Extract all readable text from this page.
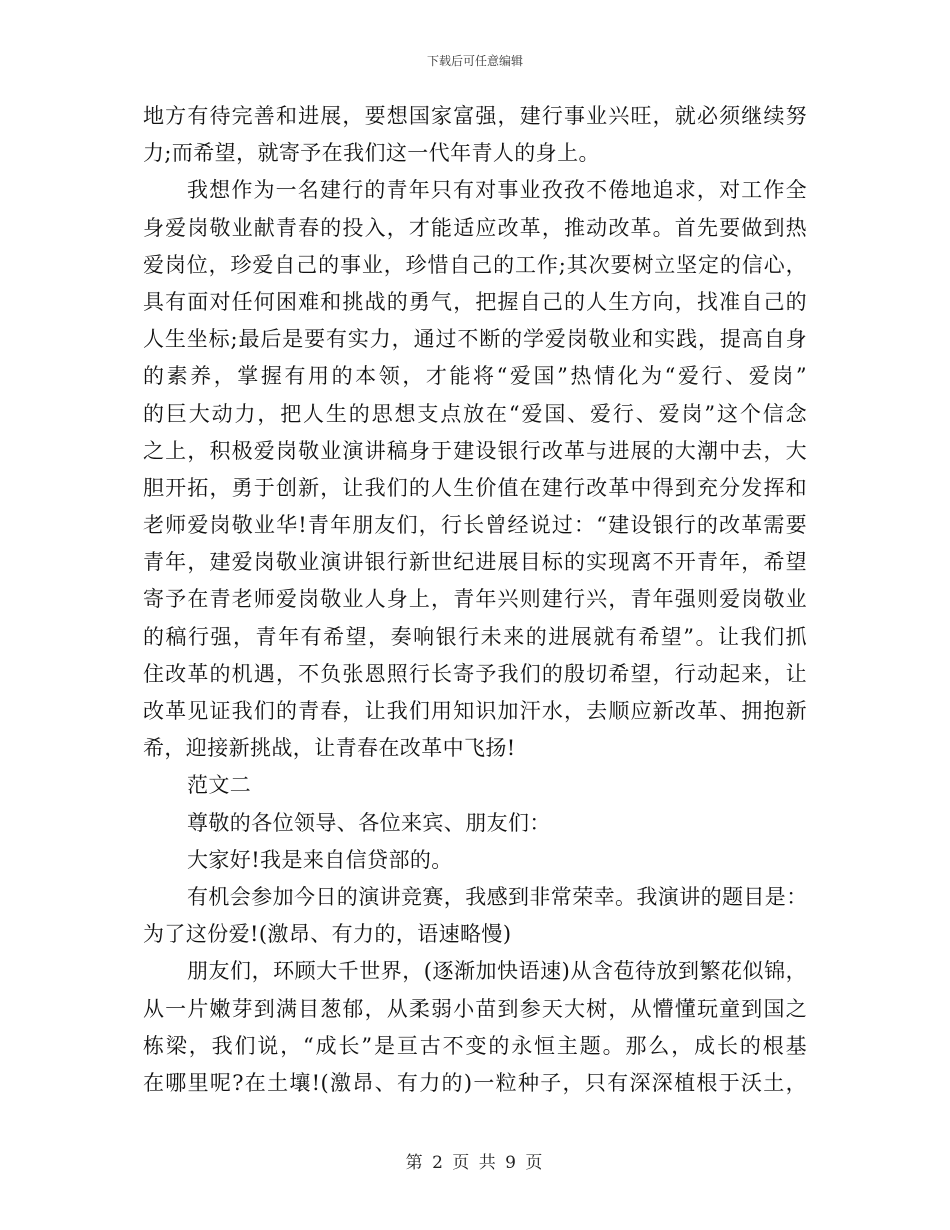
下载后可任意编辑
地方有待完善和进展，要想国家富强，建行事业兴旺，就必须继续努
力;而希望，就寄予在我们这一代年青人的身上。
我想作为一名建行的青年只有对事业孜孜不倦地追求，对工作全
身爱岗敬业献青春的投入，才能适应改革，推动改革。首先要做到热
爱岗位，珍爱自己的事业，珍惜自己的工作;其次要树立坚定的信心，
具有面对任何困难和挑战的勇气，把握自己的人生方向，找准自己的
人生坐标;最后是要有实力，通过不断的学爱岗敬业和实践，提高自身
的素养，掌握有用的本领，才能将“爱国”热情化为“爱行、爱岗”
的巨大动力，把人生的思想支点放在“爱国、爱行、爱岗”这个信念
之上，积极爱岗敬业演讲稿身于建设银行改革与进展的大潮中去，大
胆开拓，勇于创新，让我们的人生价值在建行改革中得到充分发挥和
老师爱岗敬业华!青年朋友们，行长曾经说过：“建设银行的改革需要
青年，建爱岗敬业演讲银行新世纪进展目标的实现离不开青年，希望
寄予在青老师爱岗敬业人身上，青年兴则建行兴，青年强则爱岗敬业
的稿行强，青年有希望，奏响银行未来的进展就有希望”。让我们抓
住改革的机遇，不负张恩照行长寄予我们的殷切希望，行动起来，让
改革见证我们的青春，让我们用知识加汗水，去顺应新改革、拥抱新
希，迎接新挑战，让青春在改革中飞扬!
范文二
尊敬的各位领导、各位来宾、朋友们：
大家好!我是来自信贷部的。
有机会参加今日的演讲竞赛，我感到非常荣幸。我演讲的题目是：
为了这份爱!(激昂、有力的，语速略慢)
朋友们，环顾大千世界，(逐渐加快语速)从含苞待放到繁花似锦，
从一片嫩芽到满目葱郁，从柔弱小苗到参天大树，从懵懂玩童到国之
栋梁，我们说，“成长”是亘古不变的永恒主题。那么，成长的根基
在哪里呢?在土壤!(激昂、有力的)一粒种子，只有深深植根于沃土，
第 2 页 共 9 页
